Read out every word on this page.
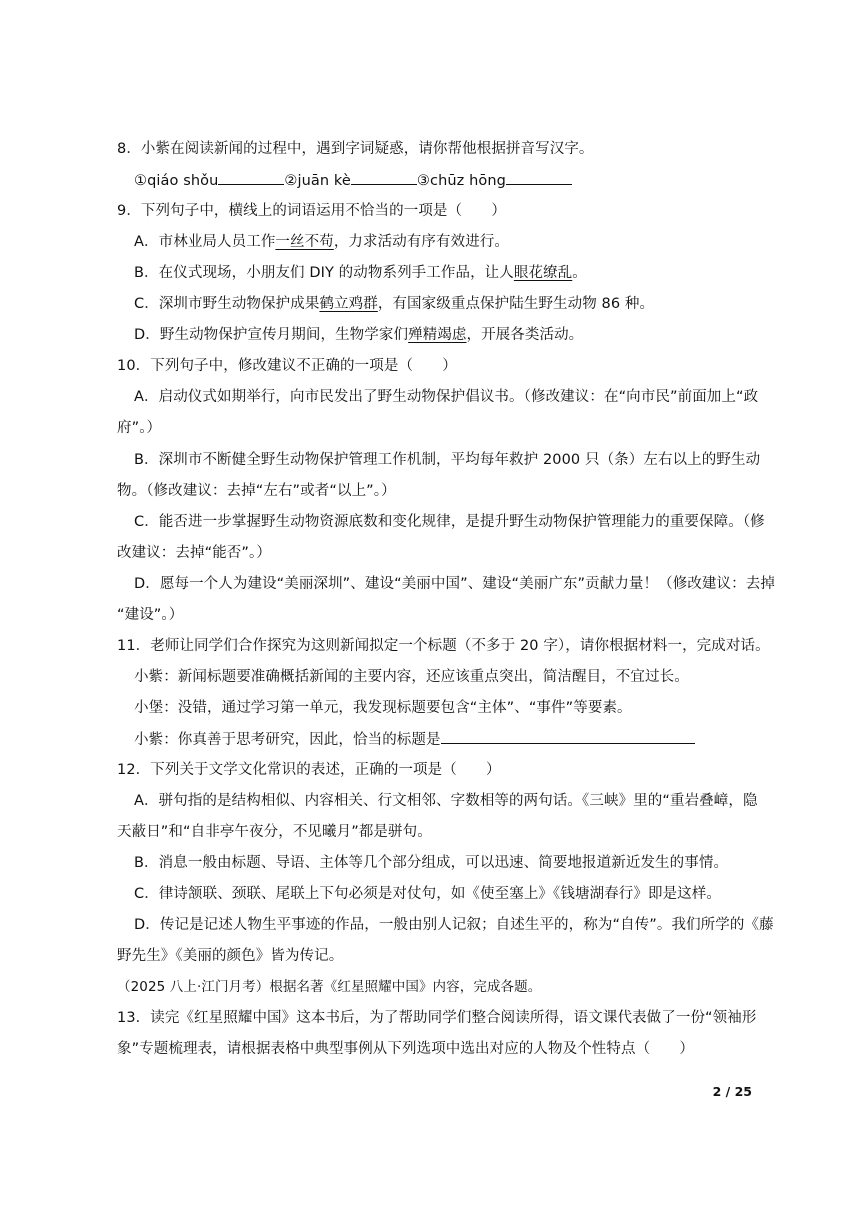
8．小紫在阅读新闻的过程中，遇到字词疑惑，请你帮他根据拼音写汉字。
①qiáo shǒu	②juān kè	③chūz hōng
9．下列句子中，横线上的词语运用不恰当的一项是（　　）
A．市林业局人员工作一丝不苟，力求活动有序有效进行。
B．在仪式现场，小朋友们 DIY 的动物系列手工作品，让人眼花缭乱。
C．深圳市野生动物保护成果鹤立鸡群，有国家级重点保护陆生野生动物 86 种。
D．野生动物保护宣传月期间，生物学家们殚精竭虑，开展各类活动。
10．下列句子中，修改建议不正确的一项是（　　）
A．启动仪式如期举行，向市民发出了野生动物保护倡议书。（修改建议：在“向市民”前面加上“政
府”。）
B．深圳市不断健全野生动物保护管理工作机制，平均每年救护 2000 只（条）左右以上的野生动
物。（修改建议：去掉“左右”或者“以上”。）
C．能否进一步掌握野生动物资源底数和变化规律，是提升野生动物保护管理能力的重要保障。（修
改建议：去掉“能否”。）
D．愿每一个人为建设“美丽深圳”、建设“美丽中国”、建设“美丽广东”贡献力量！（修改建议：去掉
“建设”。）
11．老师让同学们合作探究为这则新闻拟定一个标题（不多于 20 字），请你根据材料一，完成对话。
小紫：新闻标题要准确概括新闻的主要内容，还应该重点突出，简洁醒目，不宜过长。
小堡：没错，通过学习第一单元，我发现标题要包含“主体”、“事件”等要素。
小紫：你真善于思考研究，因此，恰当的标题是
12．下列关于文学文化常识的表述，正确的一项是（　　）
A．骈句指的是结构相似、内容相关、行文相邻、字数相等的两句话。《三峡》里的“重岩叠嶂，隐
天蔽日”和“自非亭午夜分，不见曦月”都是骈句。
B．消息一般由标题、导语、主体等几个部分组成，可以迅速、简要地报道新近发生的事情。
C．律诗颔联、颈联、尾联上下句必须是对仗句，如《使至塞上》《钱塘湖春行》即是这样。
D．传记是记述人物生平事迹的作品，一般由别人记叙；自述生平的，称为“自传”。我们所学的《藤
野先生》《美丽的颜色》皆为传记。
（2025 八上·江门月考）根据名著《红星照耀中国》内容，完成各题。
13．读完《红星照耀中国》这本书后，为了帮助同学们整合阅读所得，语文课代表做了一份“领袖形
象”专题梳理表，请根据表格中典型事例从下列选项中选出对应的人物及个性特点（　　）
2 / 25
